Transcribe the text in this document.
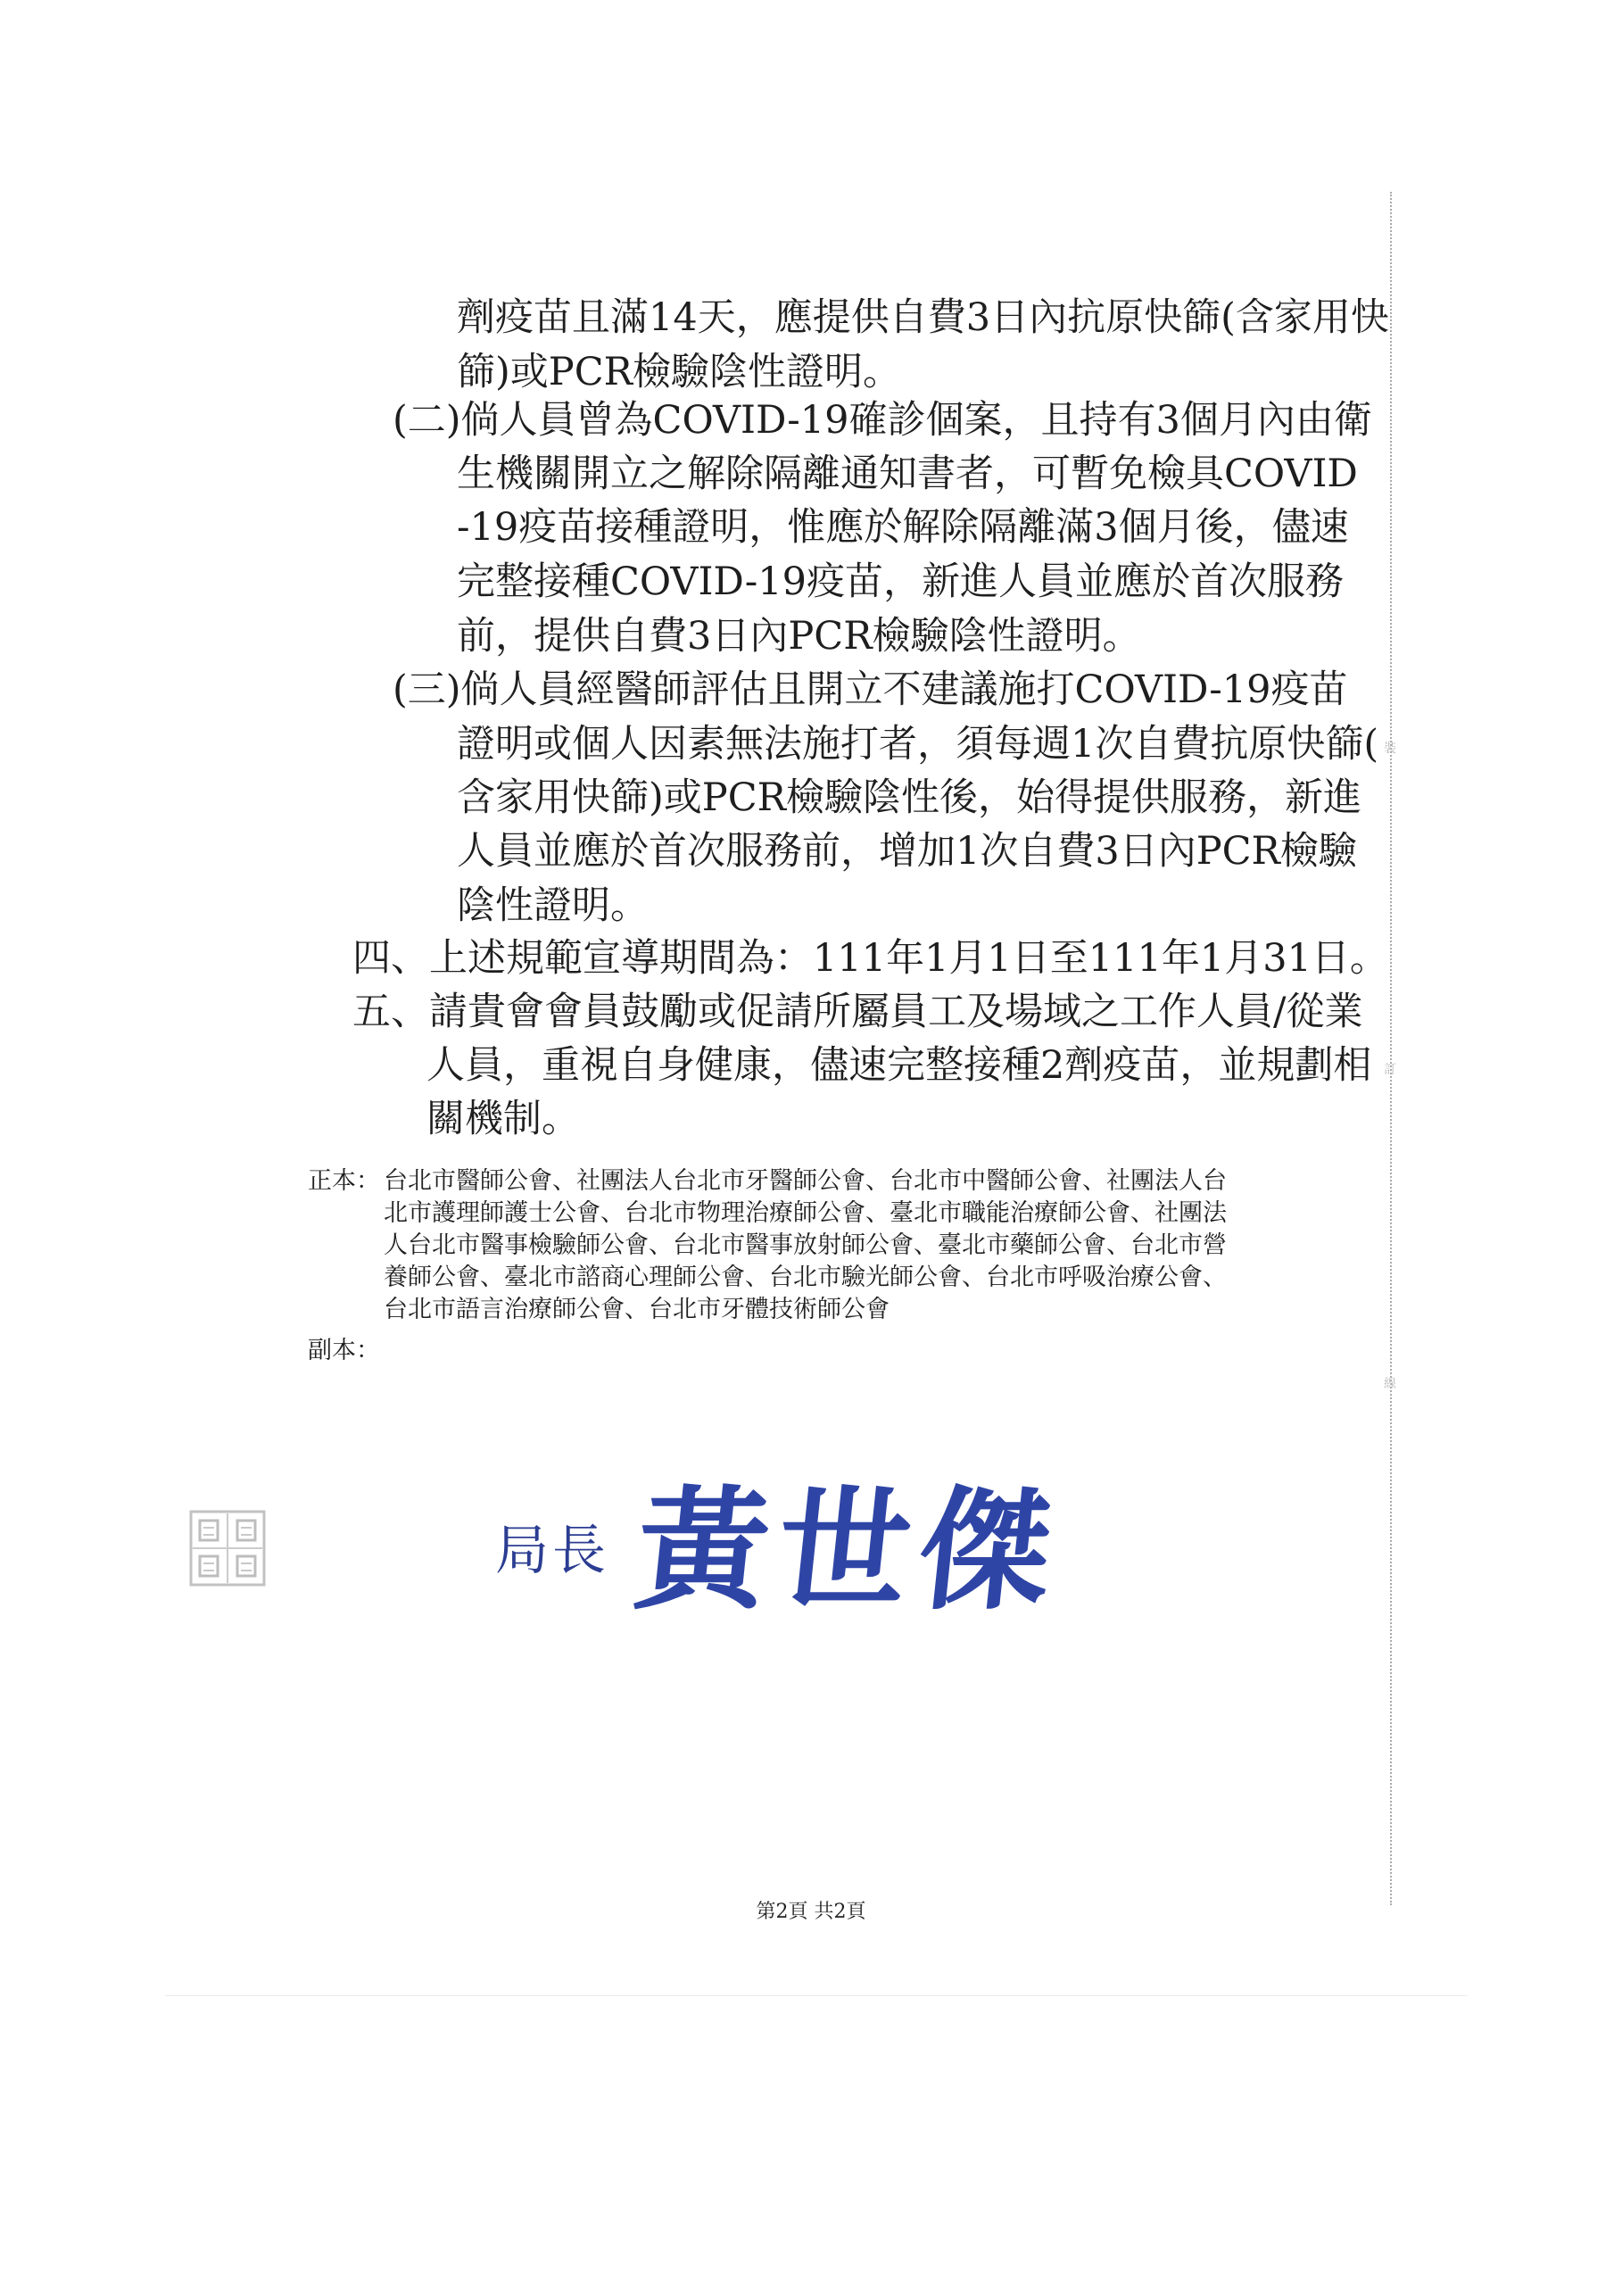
裝
訂
線
劑疫苗且滿14天，應提供自費3日內抗原快篩(含家用快
篩)或PCR檢驗陰性證明。
(二)倘人員曾為COVID-19確診個案，且持有3個月內由衛
生機關開立之解除隔離通知書者，可暫免檢具COVID
-19疫苗接種證明，惟應於解除隔離滿3個月後，儘速
完整接種COVID-19疫苗，新進人員並應於首次服務
前，提供自費3日內PCR檢驗陰性證明。
(三)倘人員經醫師評估且開立不建議施打COVID-19疫苗
證明或個人因素無法施打者，須每週1次自費抗原快篩(
含家用快篩)或PCR檢驗陰性後，始得提供服務，新進
人員並應於首次服務前，增加1次自費3日內PCR檢驗
陰性證明。
四、上述規範宣導期間為：111年1月1日至111年1月31日。
五、請貴會會員鼓勵或促請所屬員工及場域之工作人員/從業
人員，重視自身健康，儘速完整接種2劑疫苗，並規劃相
關機制。
正本： 台北市醫師公會、社團法人台北市牙醫師公會、台北市中醫師公會、社團法人台
北市護理師護士公會、台北市物理治療師公會、臺北市職能治療師公會、社團法
人台北市醫事檢驗師公會、台北市醫事放射師公會、臺北市藥師公會、台北市營
養師公會、臺北市諮商心理師公會、台北市驗光師公會、台北市呼吸治療公會、
台北市語言治療師公會、台北市牙體技術師公會
副本：
局長 黃世傑
第2頁 共2頁
